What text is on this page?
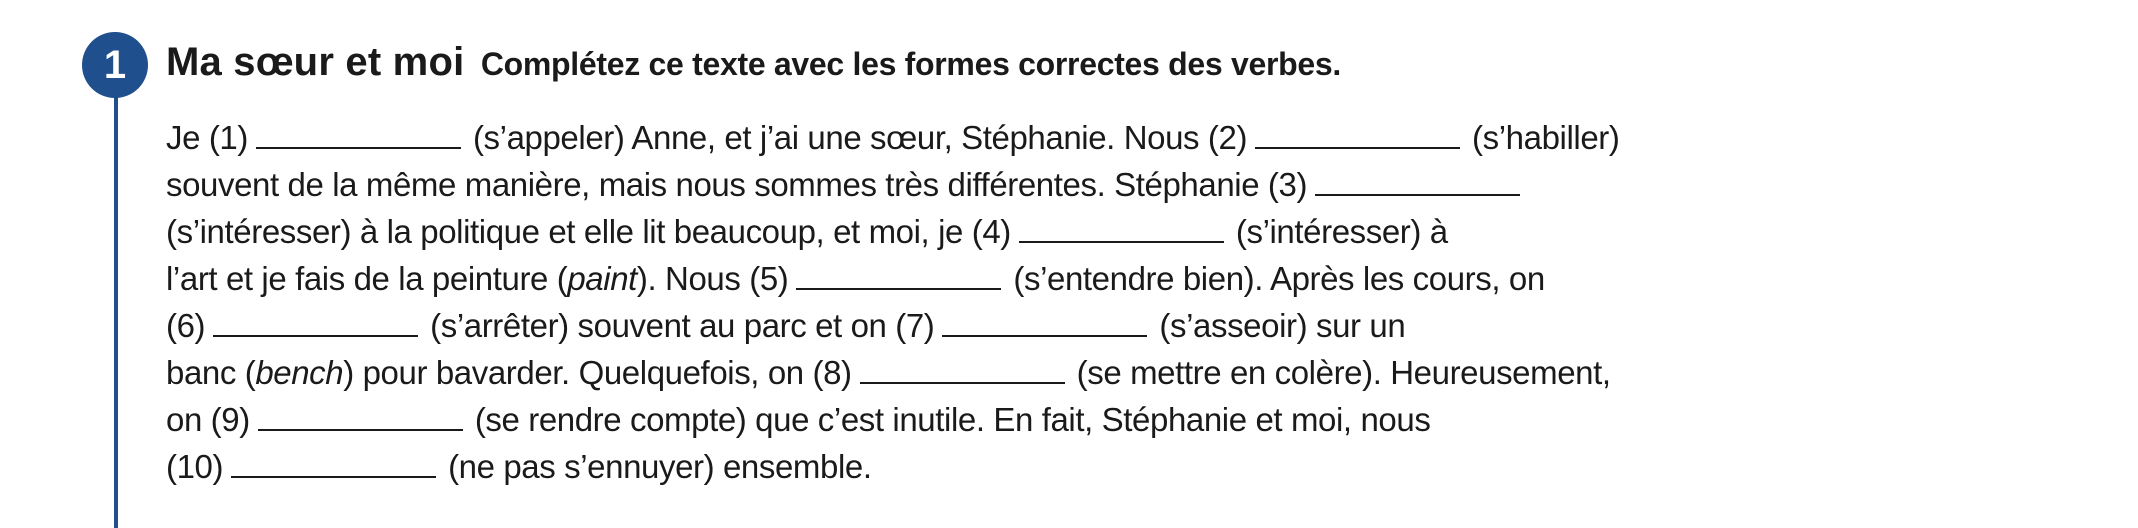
1 Ma sœur et moi Complétez ce texte avec les formes correctes des verbes.
Je (1)	(s’appeler) Anne, et j’ai une sœur, Stéphanie. Nous (2)	(s’habiller)
souvent de la même manière, mais nous sommes très différentes. Stéphanie (3)
(s’intéresser) à la politique et elle lit beaucoup, et moi, je (4)	(s’intéresser) à
l’art et je fais de la peinture (paint). Nous (5)	(s’entendre bien). Après les cours, on
(6)	(s’arrêter) souvent au parc et on (7)	(s’asseoir) sur un
banc (bench) pour bavarder. Quelquefois, on (8)	(se mettre en colère). Heureusement,
on (9)	(se rendre compte) que c’est inutile. En fait, Stéphanie et moi, nous
(10)	(ne pas s’ennuyer) ensemble.
